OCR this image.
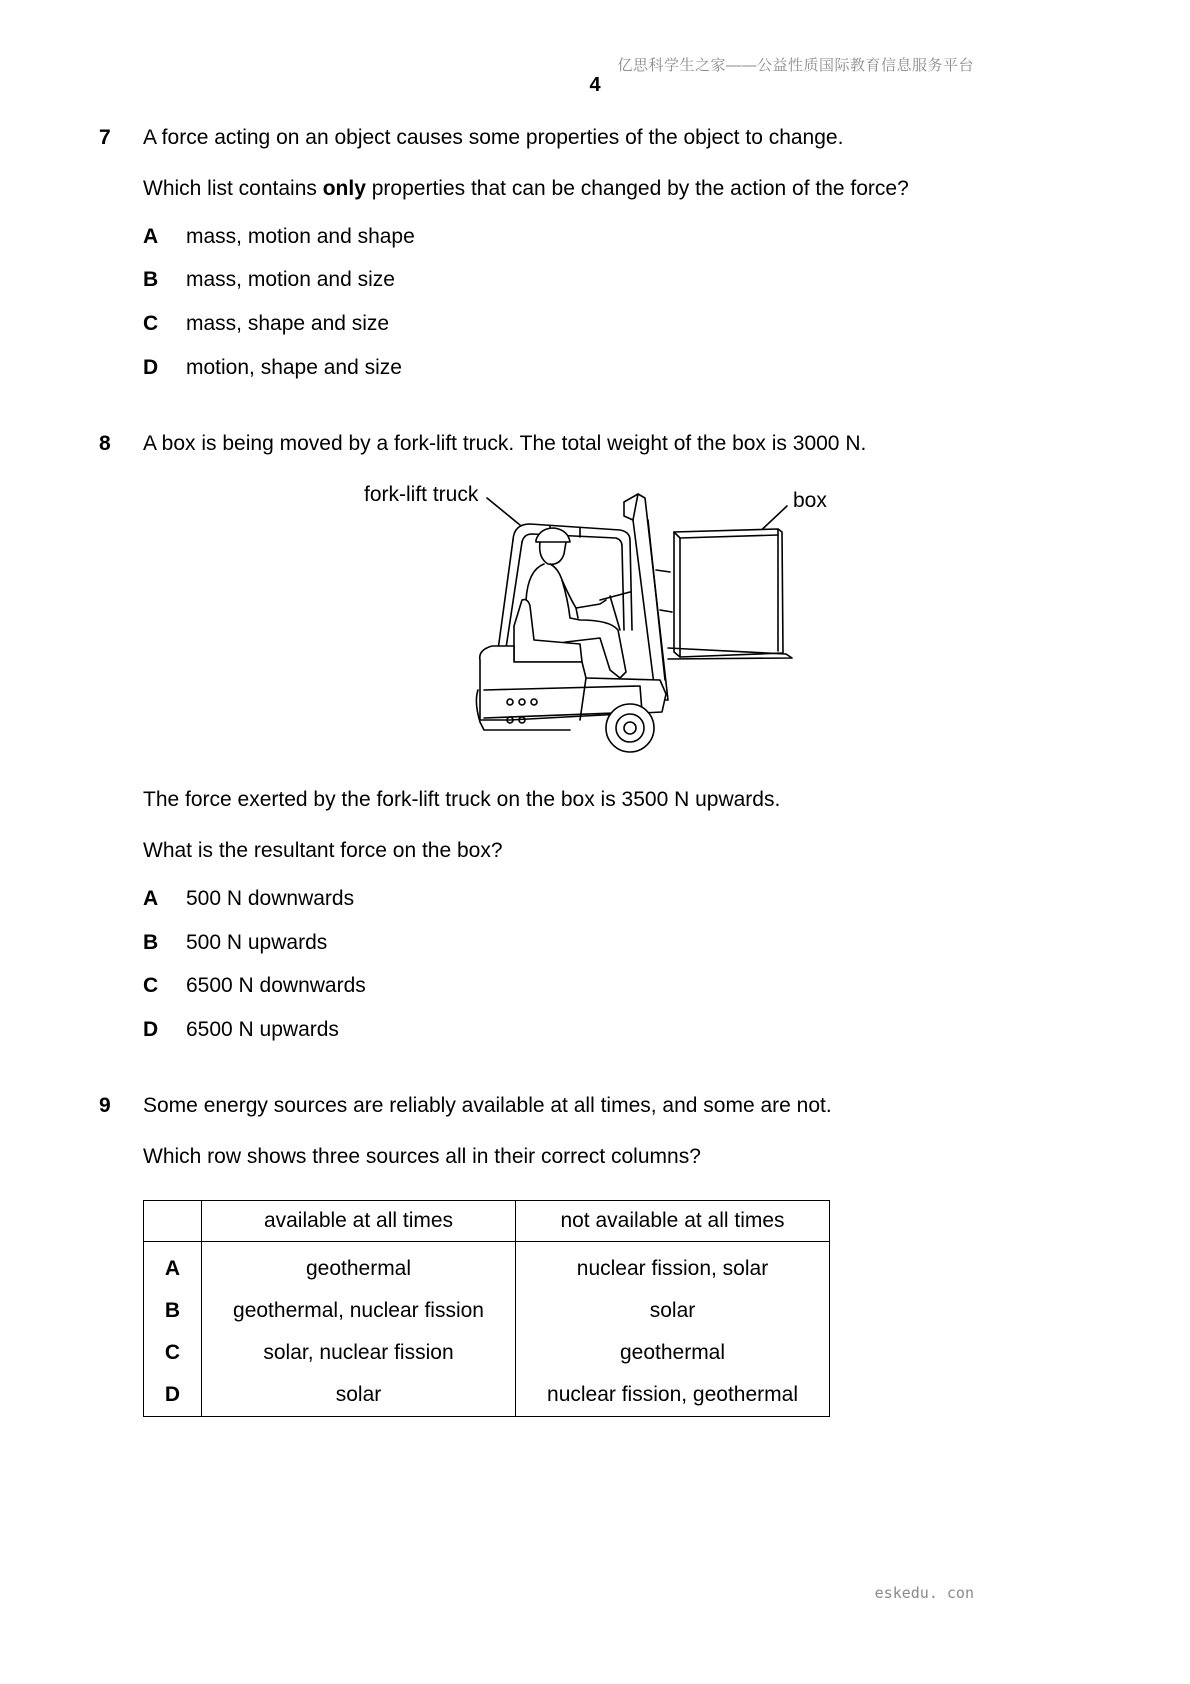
亿思科学生之家——公益性质国际教育信息服务平台
4
7 A force acting on an object causes some properties of the object to change.
Which list contains only properties that can be changed by the action of the force?
A mass, motion and shape
B mass, motion and size
C mass, shape and size
D motion, shape and size
8 A box is being moved by a fork-lift truck. The total weight of the box is 3000 N.
fork-lift truck	box
The force exerted by the fork-lift truck on the box is 3500 N upwards.
What is the resultant force on the box?
A 500 N downwards
B 500 N upwards
C 6500 N downwards
D 6500 N upwards
9 Some energy sources are reliably available at all times, and some are not.
Which row shows three sources all in their correct columns?
	available at all times	not available at all times
A	geothermal	nuclear fission, solar
B	geothermal, nuclear fission	solar
C	solar, nuclear fission	geothermal
D	solar	nuclear fission, geothermal
eskedu. con
